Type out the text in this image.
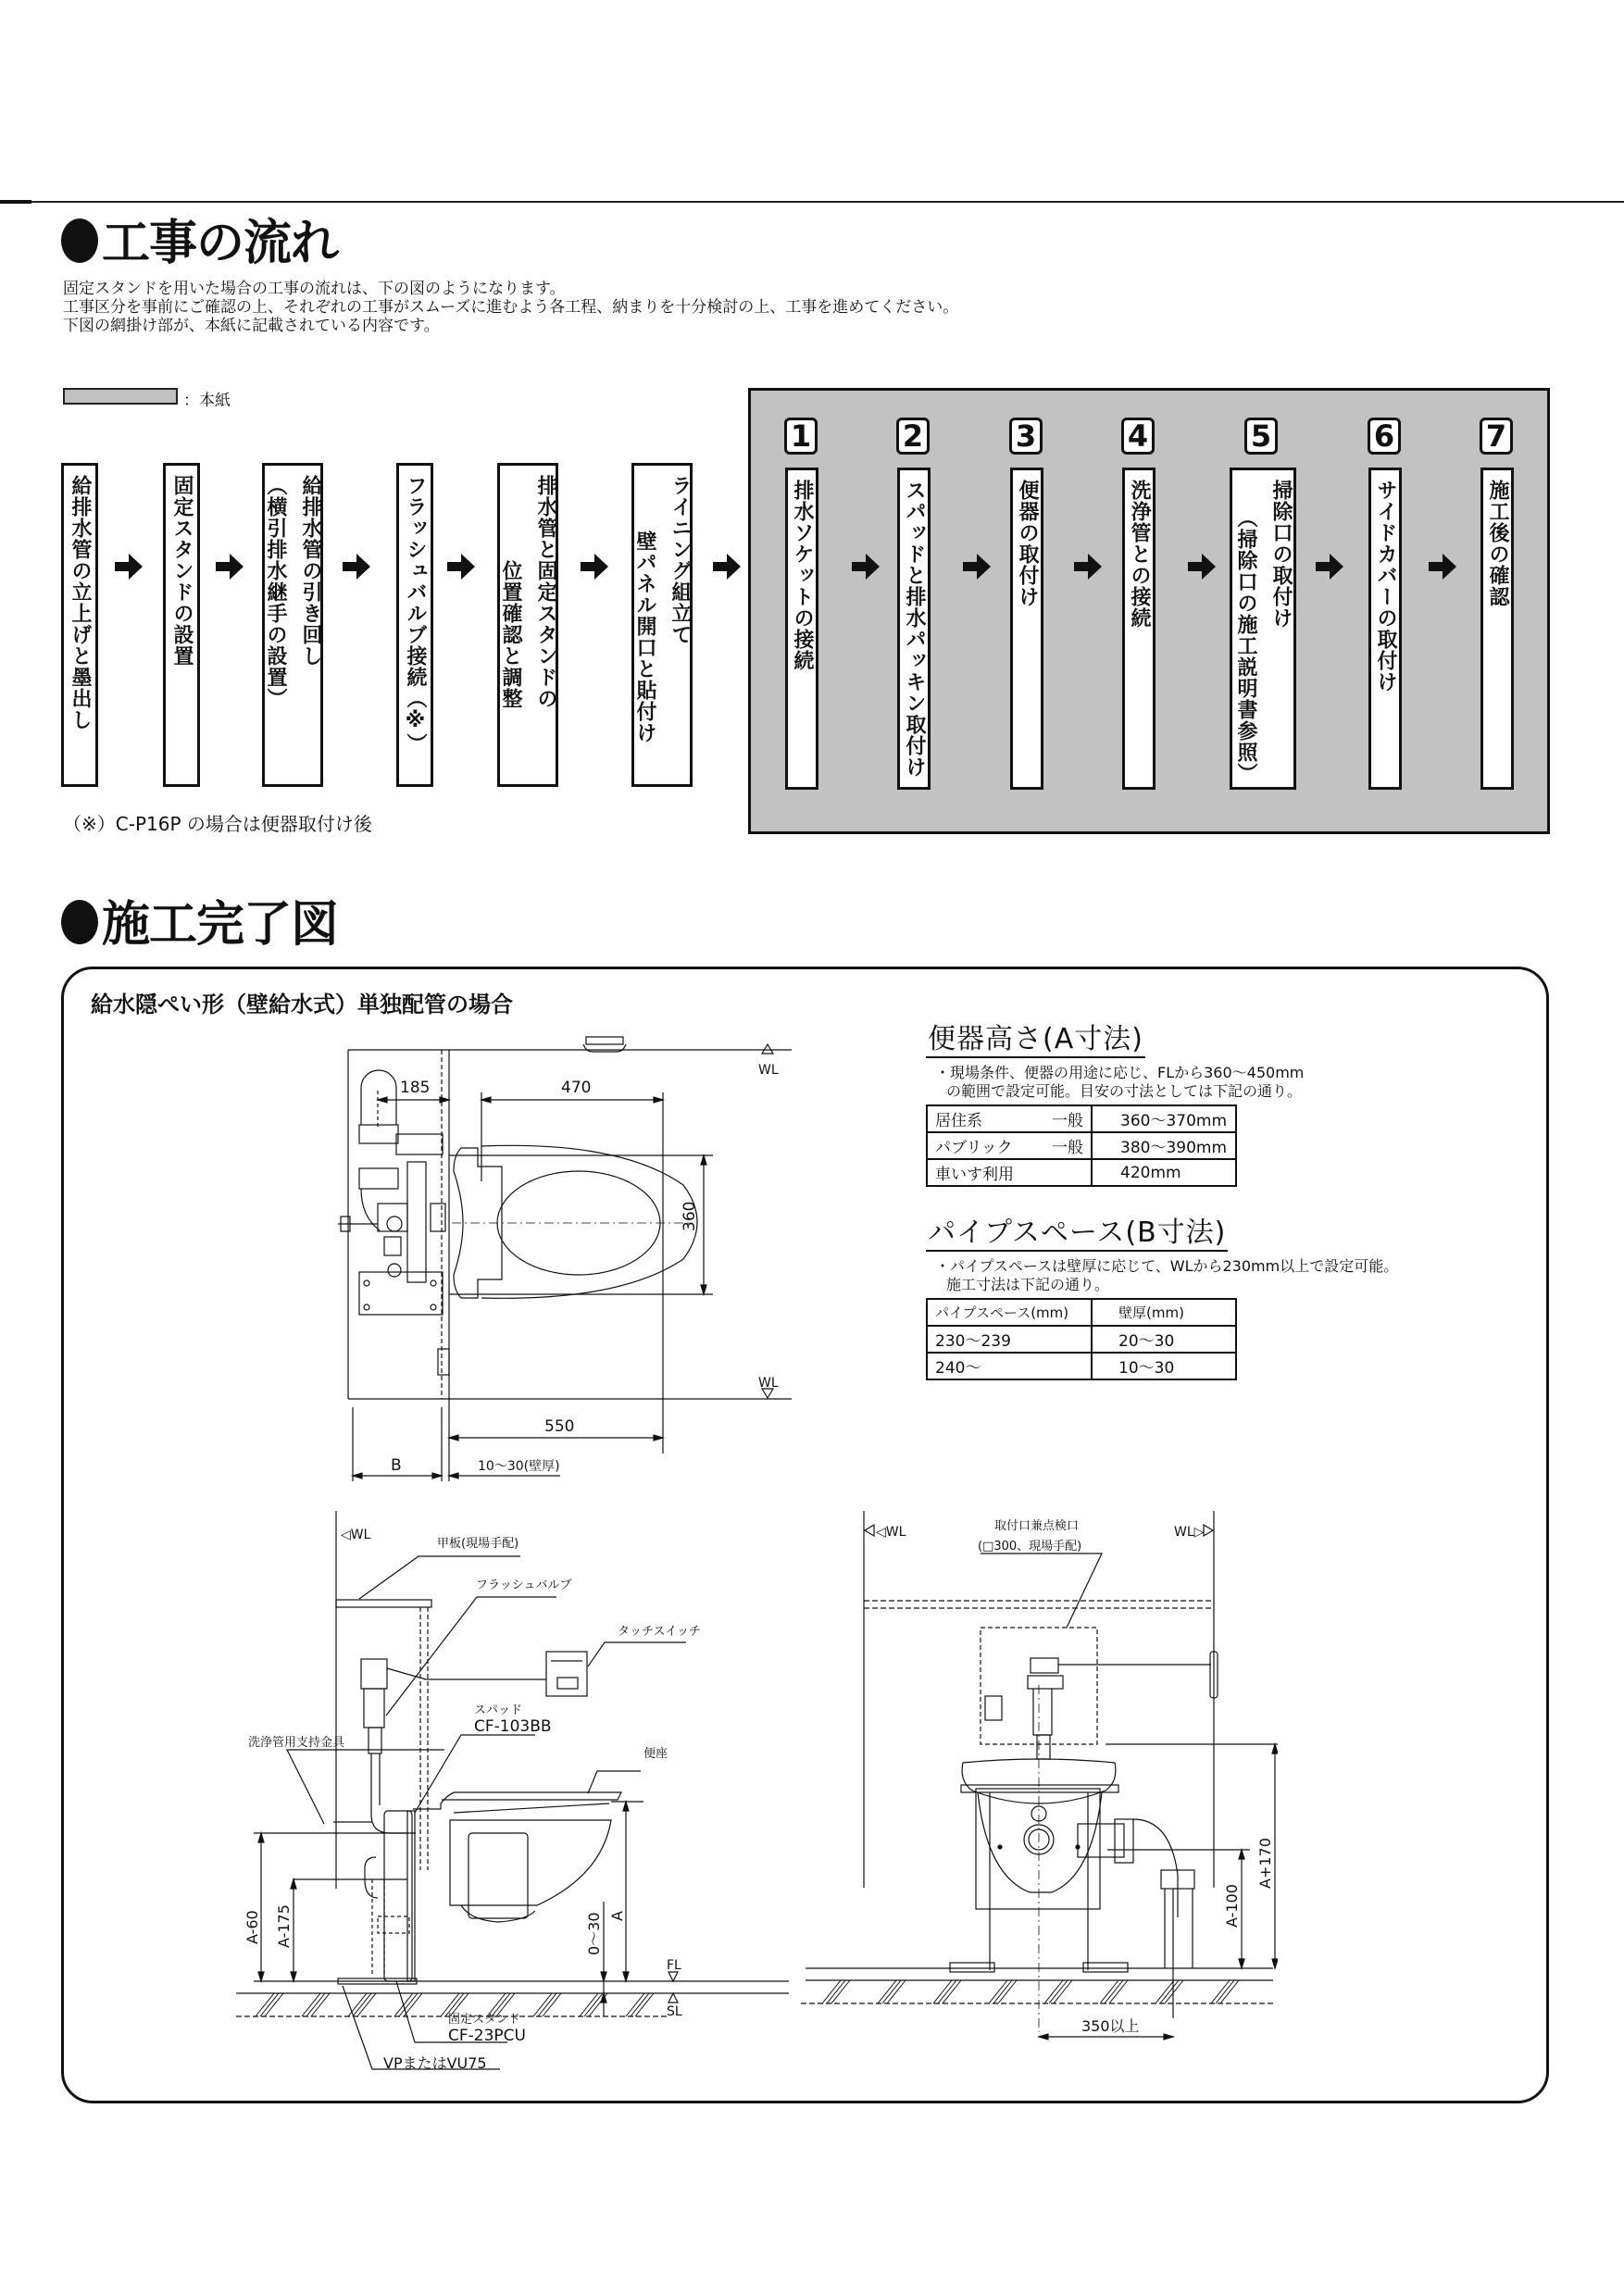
工事の流れ
固定スタンドを用いた場合の工事の流れは、下の図のようになります。
工事区分を事前にご確認の上、それぞれの工事がスムーズに進むよう各工程、納まりを十分検討の上、工事を進めてください。
下図の網掛け部が、本紙に記載されている内容です。
：本紙
給排水管の立上げと墨出し	固定スタンドの設置	給排水管の引き回し
（横引排水継手の設置）	フラッシュバルブ接続（※）	排水管と固定スタンドの
位置確認と調整	ライニング組立て
壁パネル開口と貼付け
1
排水ソケットの接続
2
スパッドと排水パッキン取付け
3
便器の取付け
4
洗浄管との接続
5
掃除口の取付け
（掃除口の施工説明書参照）
6
サイドカバーの取付け
7
施工後の確認
（※）C-P16P の場合は便器取付け後
施工完了図
給水隠ぺい形（壁給水式）単独配管の場合
185	470
360
550
B	10～30(壁厚)
WL
WL
便器高さ(A寸法)
・現場条件、便器の用途に応じ、FLから360～450mm
の範囲で設定可能。目安の寸法としては下記の通り。
居住系 一般	360～370mm
パブリック 一般	380～390mm
車いす利用	420mm
パイプスペース(B寸法)
・パイプスペースは壁厚に応じて、WLから230mm以上で設定可能。
施工寸法は下記の通り。
パイプスペース(mm)	壁厚(mm)
230～239	20～30
240～	10～30
◁WL
甲板(現場手配)
フラッシュバルブ
タッチスイッチ
スパッド
CF-103BB
洗浄管用支持金具
便座
固定スタンド
CF-23PCU
VPまたはVU75
FL
SL
A-60 A-175	0～30 A
◁WL	WL▷
取付口兼点検口
(□300、現場手配)
A+170
A-100
350以上
